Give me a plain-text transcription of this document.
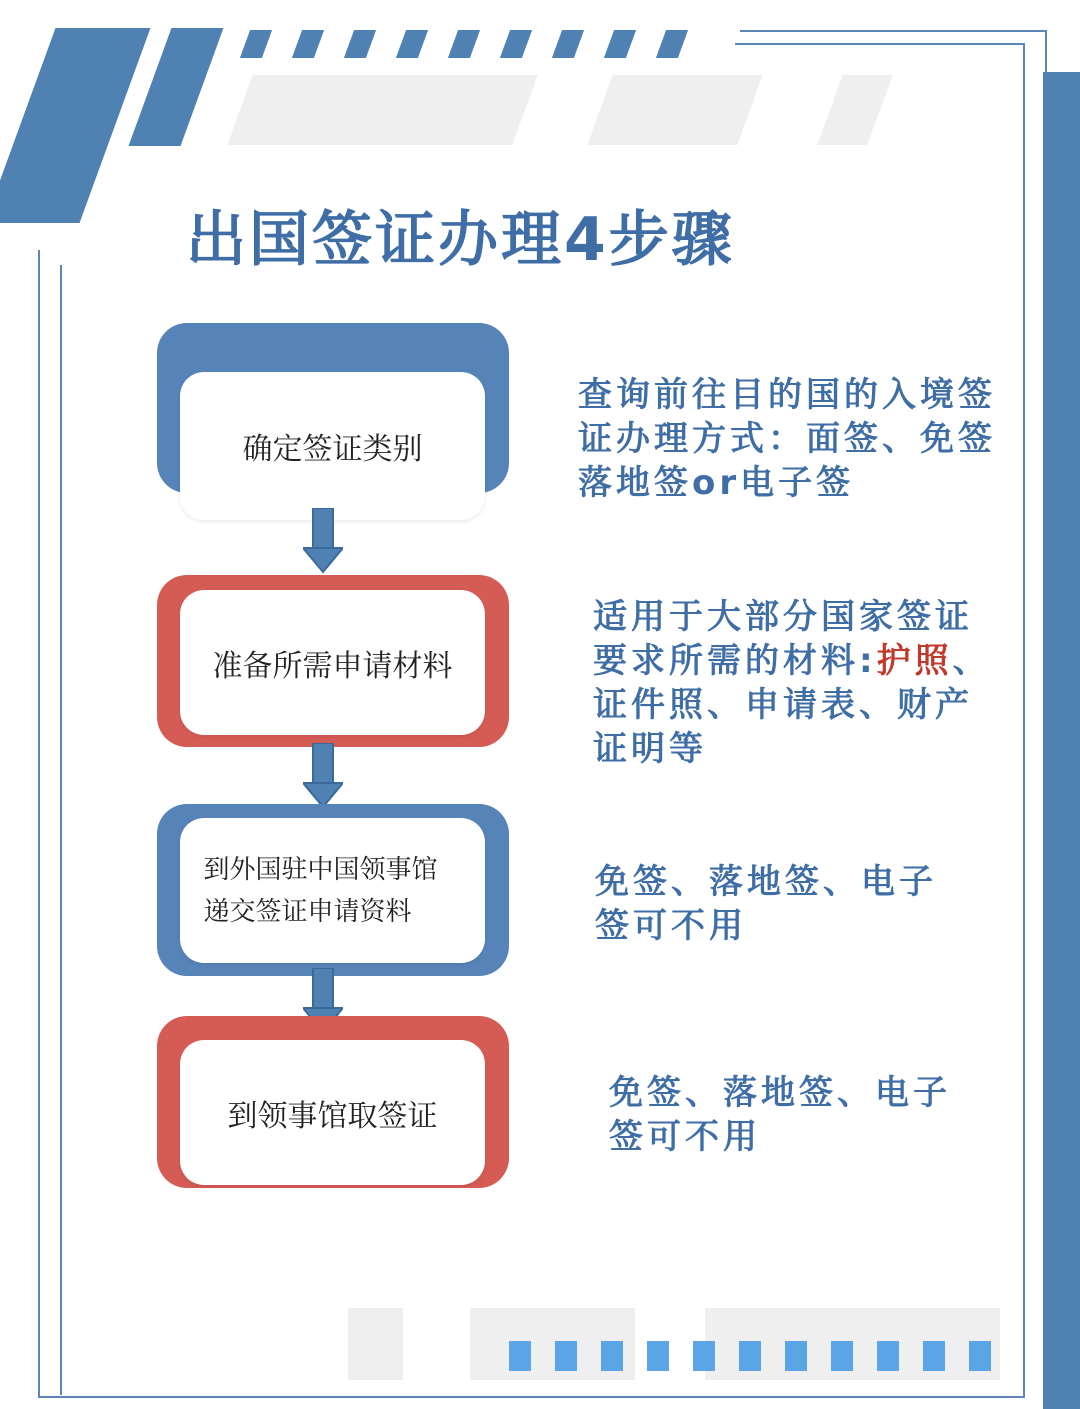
出国签证办理4步骤
确定签证类别
准备所需申请材料
到外国驻中国领事馆
递交签证申请资料
到领事馆取签证
查询前往目的国的入境签
证办理方式：面签、免签
落地签or电子签
适用于大部分国家签证
要求所需的材料:护照、
证件照、申请表、财产
证明等
免签、落地签、电子
签可不用
免签、落地签、电子
签可不用
